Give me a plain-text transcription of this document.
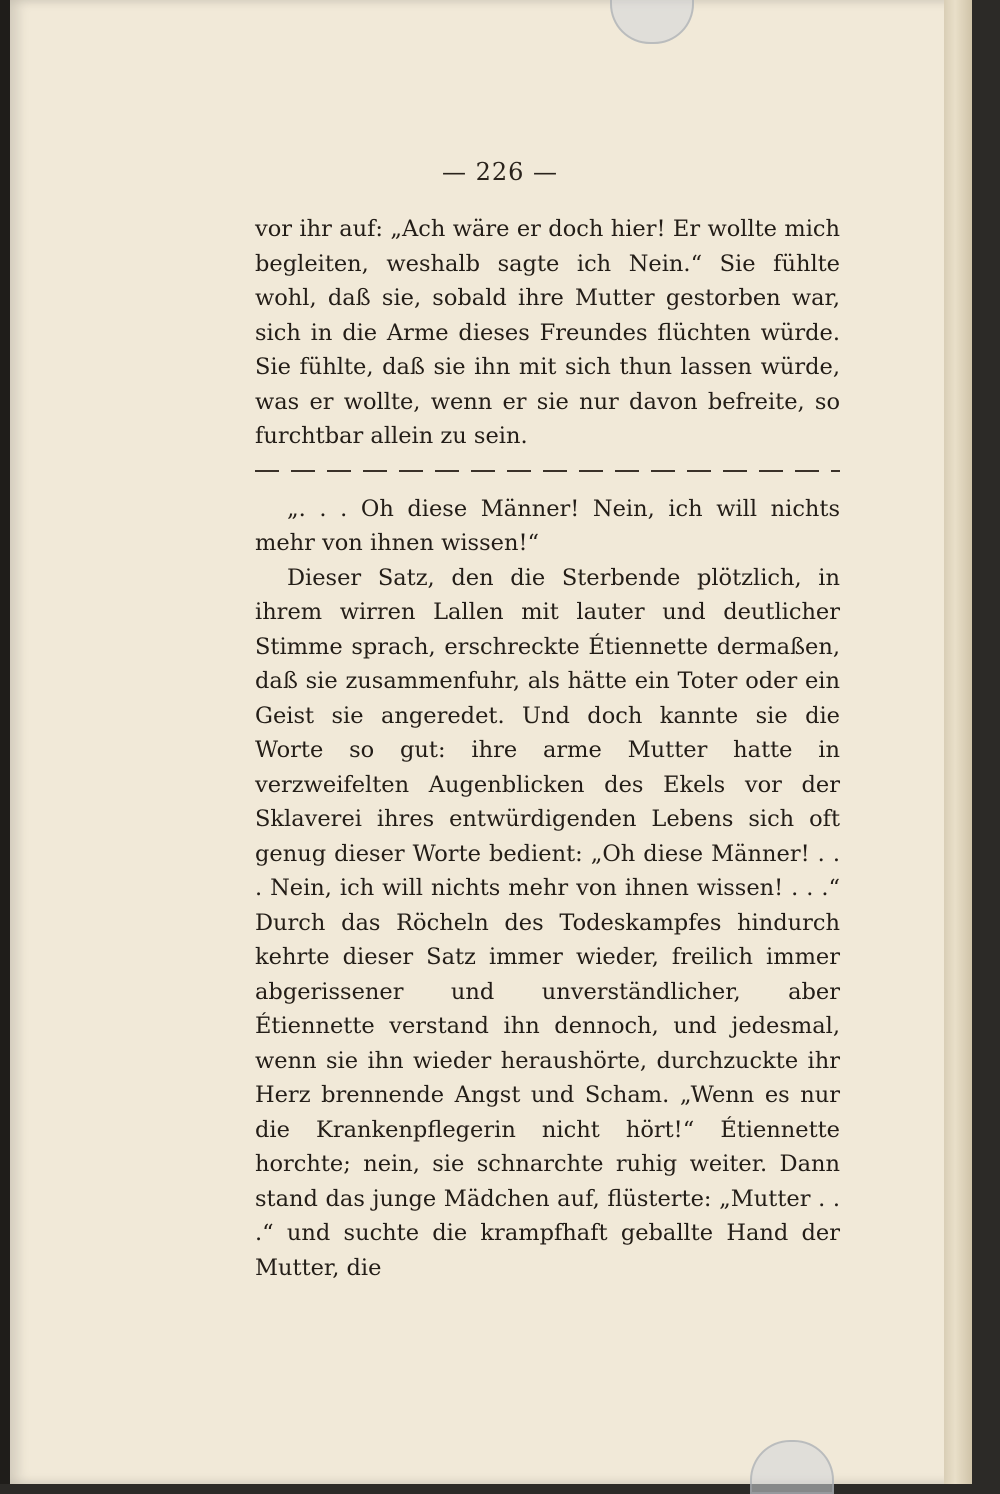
— 226 —

vor ihr auf: „Ach wäre er doch hier! Er wollte mich begleiten, weshalb sagte ich Nein.“ Sie fühlte wohl, daß sie, sobald ihre Mutter gestorben war, sich in die Arme dieses Freundes flüchten würde. Sie fühlte, daß sie ihn mit sich thun lassen würde, was er wollte, wenn er sie nur davon befreite, so furchtbar allein zu sein.

„. . . Oh diese Männer! Nein, ich will nichts mehr von ihnen wissen!“

Dieser Satz, den die Sterbende plötzlich, in ihrem wirren Lallen mit lauter und deutlicher Stimme sprach, erschreckte Étiennette dermaßen, daß sie zusammenfuhr, als hätte ein Toter oder ein Geist sie angeredet. Und doch kannte sie die Worte so gut: ihre arme Mutter hatte in verzweifelten Augenblicken des Ekels vor der Sklaverei ihres entwürdigenden Lebens sich oft genug dieser Worte bedient: „Oh diese Männer! . . . Nein, ich will nichts mehr von ihnen wissen! . . .“ Durch das Röcheln des Todeskampfes hindurch kehrte dieser Satz immer wieder, freilich immer abgerissener und unverständlicher, aber Étiennette verstand ihn dennoch, und jedesmal, wenn sie ihn wieder heraushörte, durchzuckte ihr Herz brennende Angst und Scham. „Wenn es nur die Krankenpflegerin nicht hört!“ Étiennette horchte; nein, sie schnarchte ruhig weiter. Dann stand das junge Mädchen auf, flüsterte: „Mutter . . .“ und suchte die krampfhaft geballte Hand der Mutter, die
